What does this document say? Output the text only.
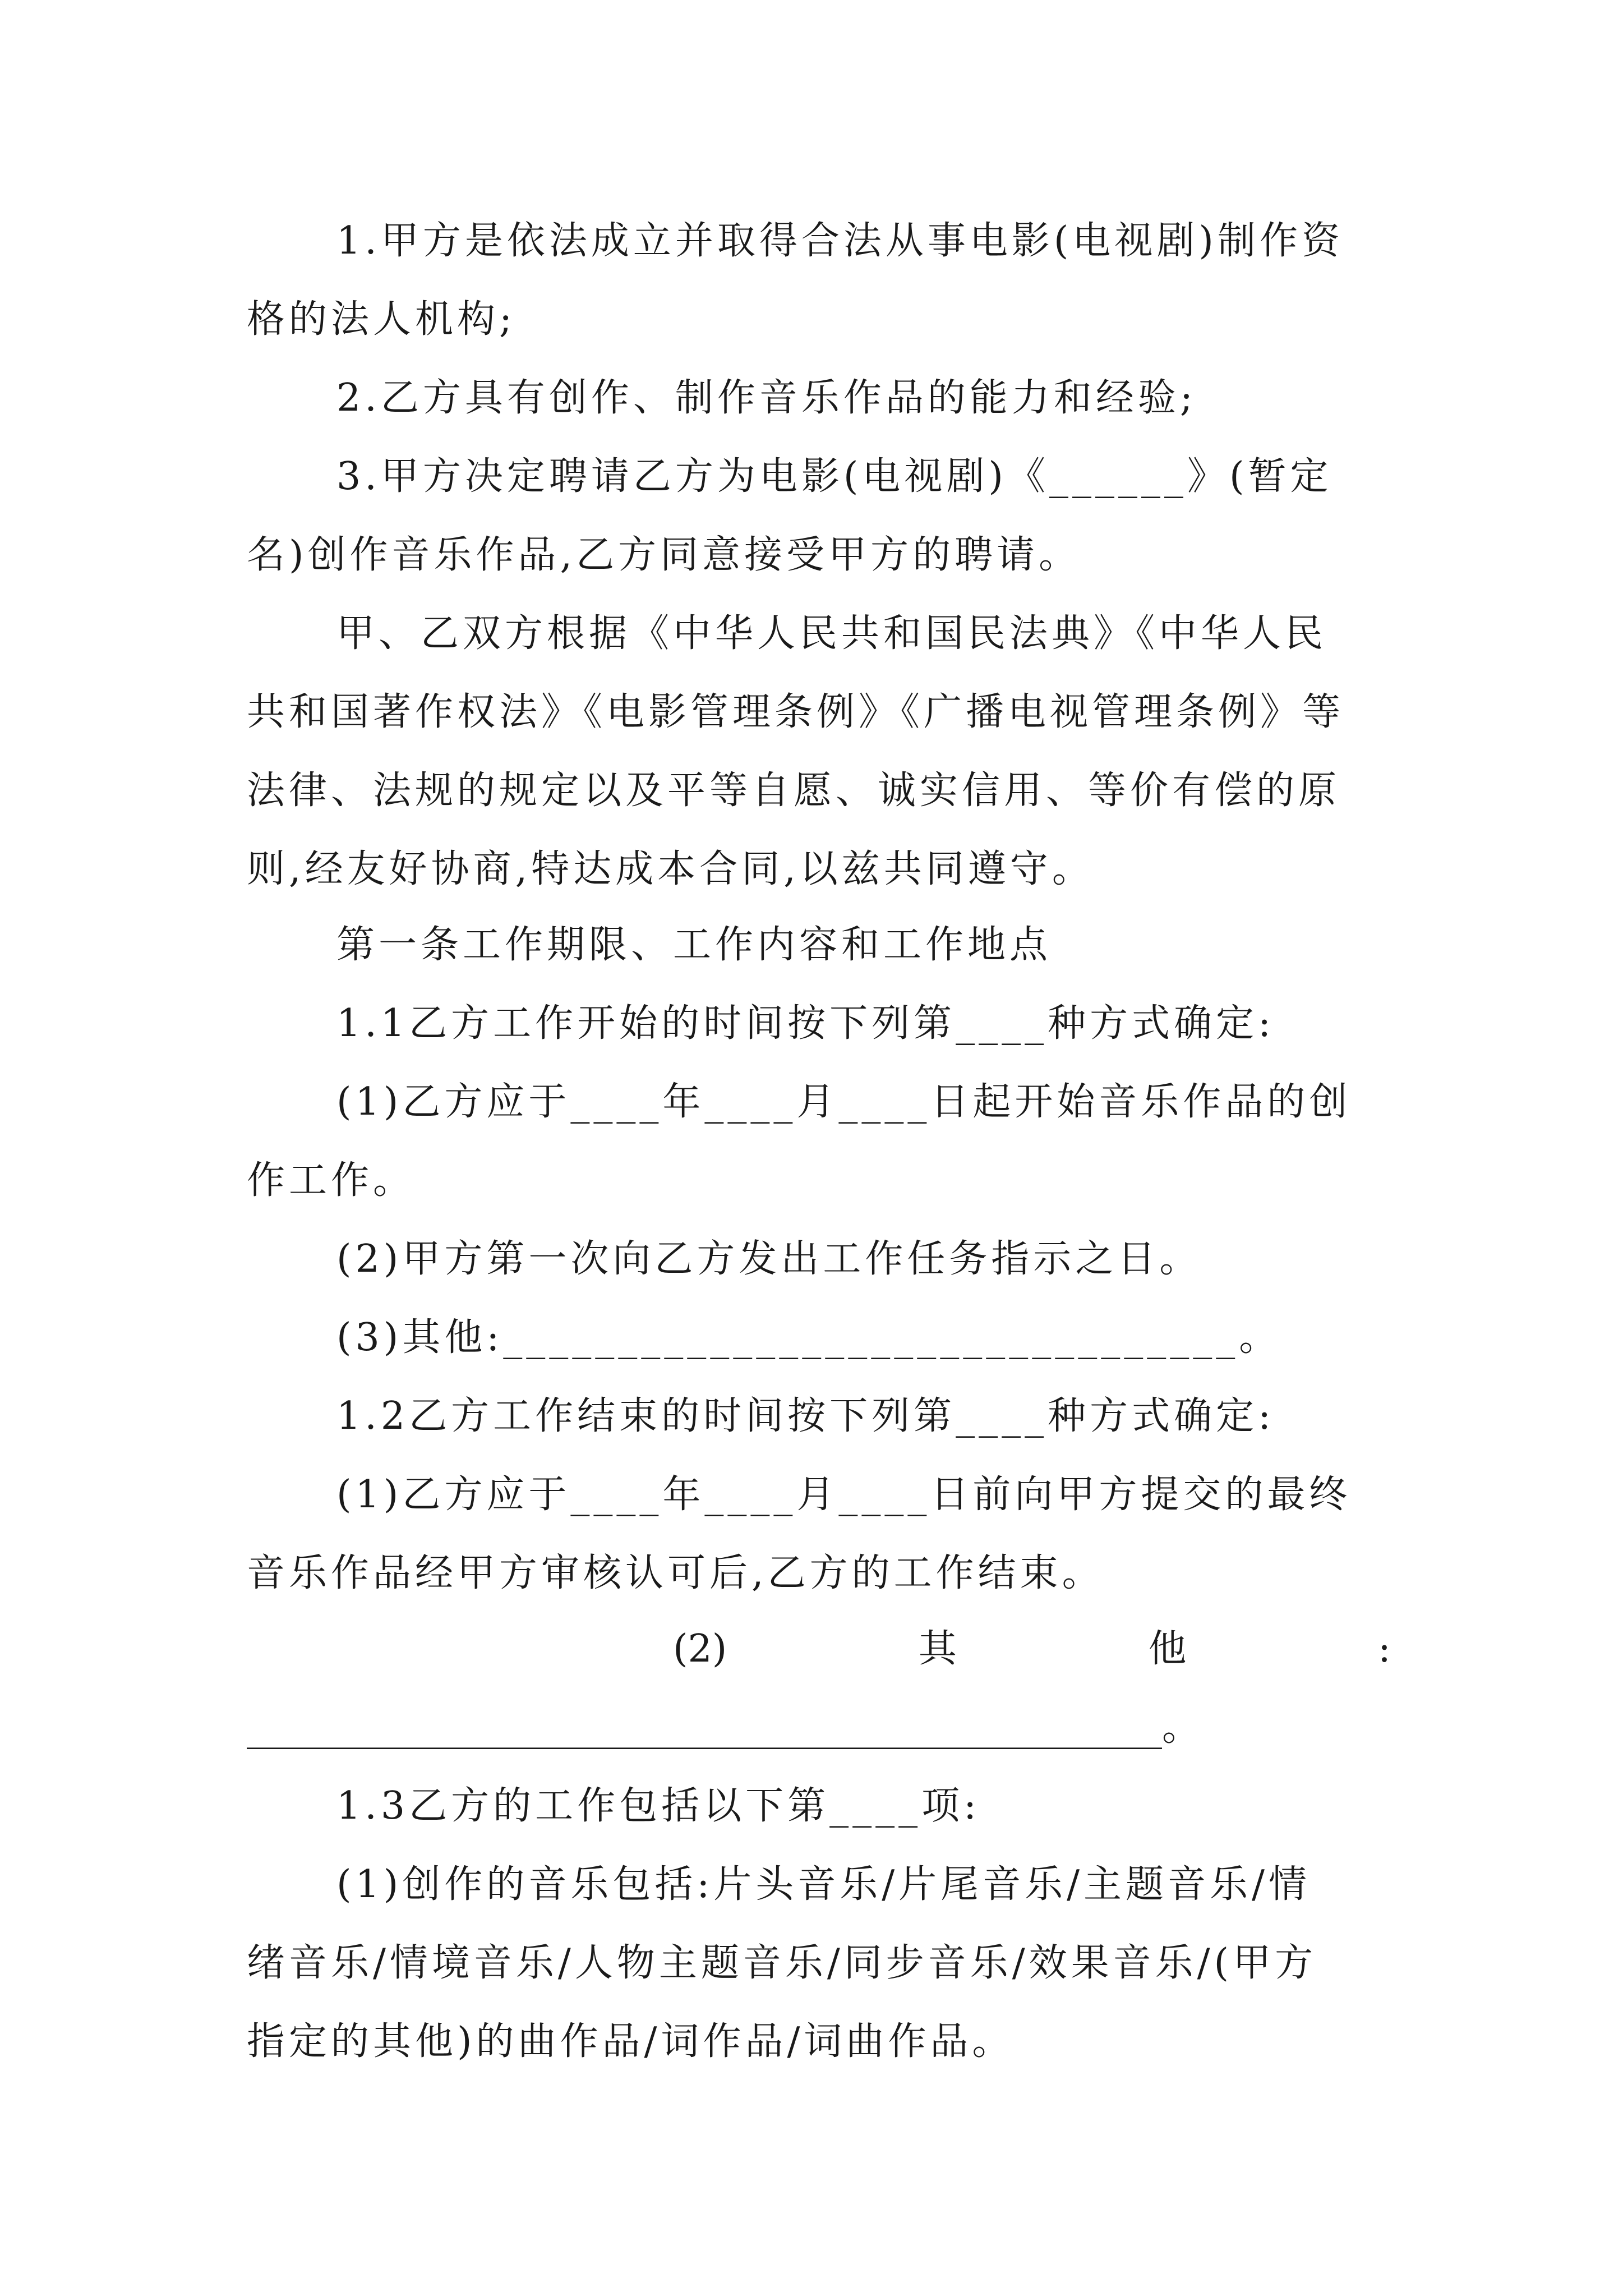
1.甲方是依法成立并取得合法从事电影(电视剧)制作资
格的法人机构;
2.乙方具有创作、制作音乐作品的能力和经验;
3.甲方决定聘请乙方为电影(电视剧)《______》(暂定
名)创作音乐作品,乙方同意接受甲方的聘请。
甲、乙双方根据《中华人民共和国民法典》《中华人民
共和国著作权法》《电影管理条例》《广播电视管理条例》等
法律、法规的规定以及平等自愿、诚实信用、等价有偿的原
则,经友好协商,特达成本合同,以兹共同遵守。
第一条工作期限、工作内容和工作地点
1.1乙方工作开始的时间按下列第____种方式确定:
(1)乙方应于____年____月____日起开始音乐作品的创
作工作。
(2)甲方第一次向乙方发出工作任务指示之日。
(3)其他:________________________________。
1.2乙方工作结束的时间按下列第____种方式确定:
(1)乙方应于____年____月____日前向甲方提交的最终
音乐作品经甲方审核认可后,乙方的工作结束。
(2)	其	他	:
________________________________________________。
1.3乙方的工作包括以下第____项:
(1)创作的音乐包括:片头音乐/片尾音乐/主题音乐/情
绪音乐/情境音乐/人物主题音乐/同步音乐/效果音乐/(甲方
指定的其他)的曲作品/词作品/词曲作品。
